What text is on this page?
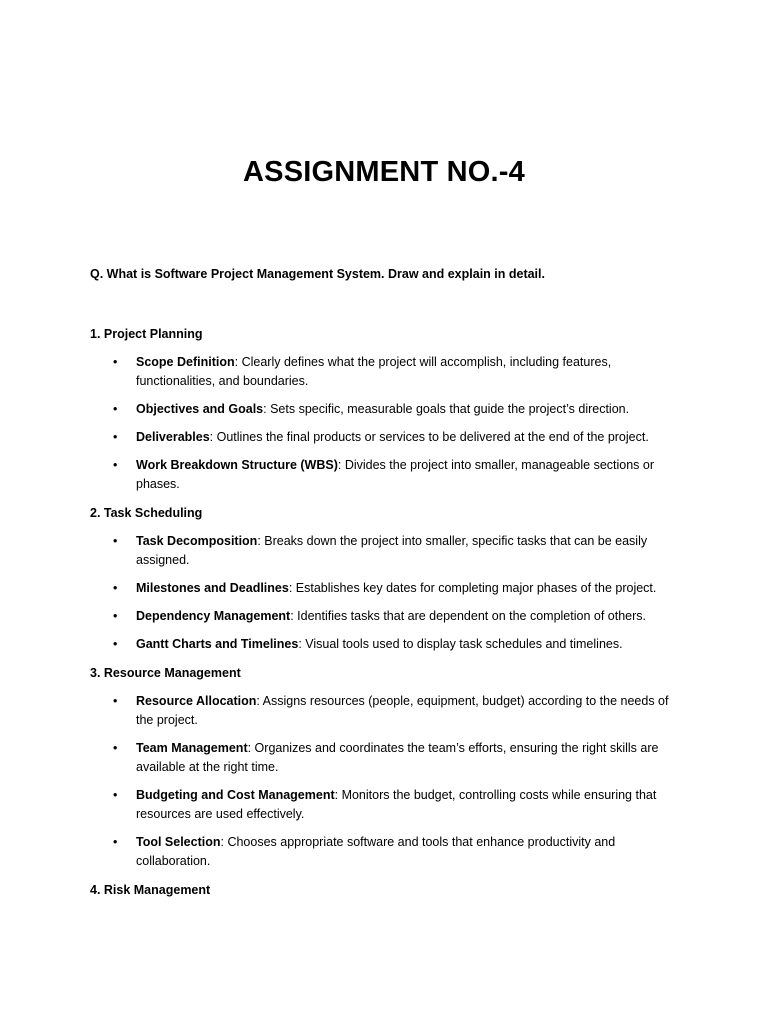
ASSIGNMENT NO.-4

Q. What is Software Project Management System. Draw and explain in detail.

1. Project Planning

• Scope Definition: Clearly defines what the project will accomplish, including features, functionalities, and boundaries.
• Objectives and Goals: Sets specific, measurable goals that guide the project’s direction.
• Deliverables: Outlines the final products or services to be delivered at the end of the project.
• Work Breakdown Structure (WBS): Divides the project into smaller, manageable sections or phases.

2. Task Scheduling

• Task Decomposition: Breaks down the project into smaller, specific tasks that can be easily assigned.
• Milestones and Deadlines: Establishes key dates for completing major phases of the project.
• Dependency Management: Identifies tasks that are dependent on the completion of others.
• Gantt Charts and Timelines: Visual tools used to display task schedules and timelines.

3. Resource Management

• Resource Allocation: Assigns resources (people, equipment, budget) according to the needs of the project.
• Team Management: Organizes and coordinates the team’s efforts, ensuring the right skills are available at the right time.
• Budgeting and Cost Management: Monitors the budget, controlling costs while ensuring that resources are used effectively.
• Tool Selection: Chooses appropriate software and tools that enhance productivity and collaboration.

4. Risk Management
